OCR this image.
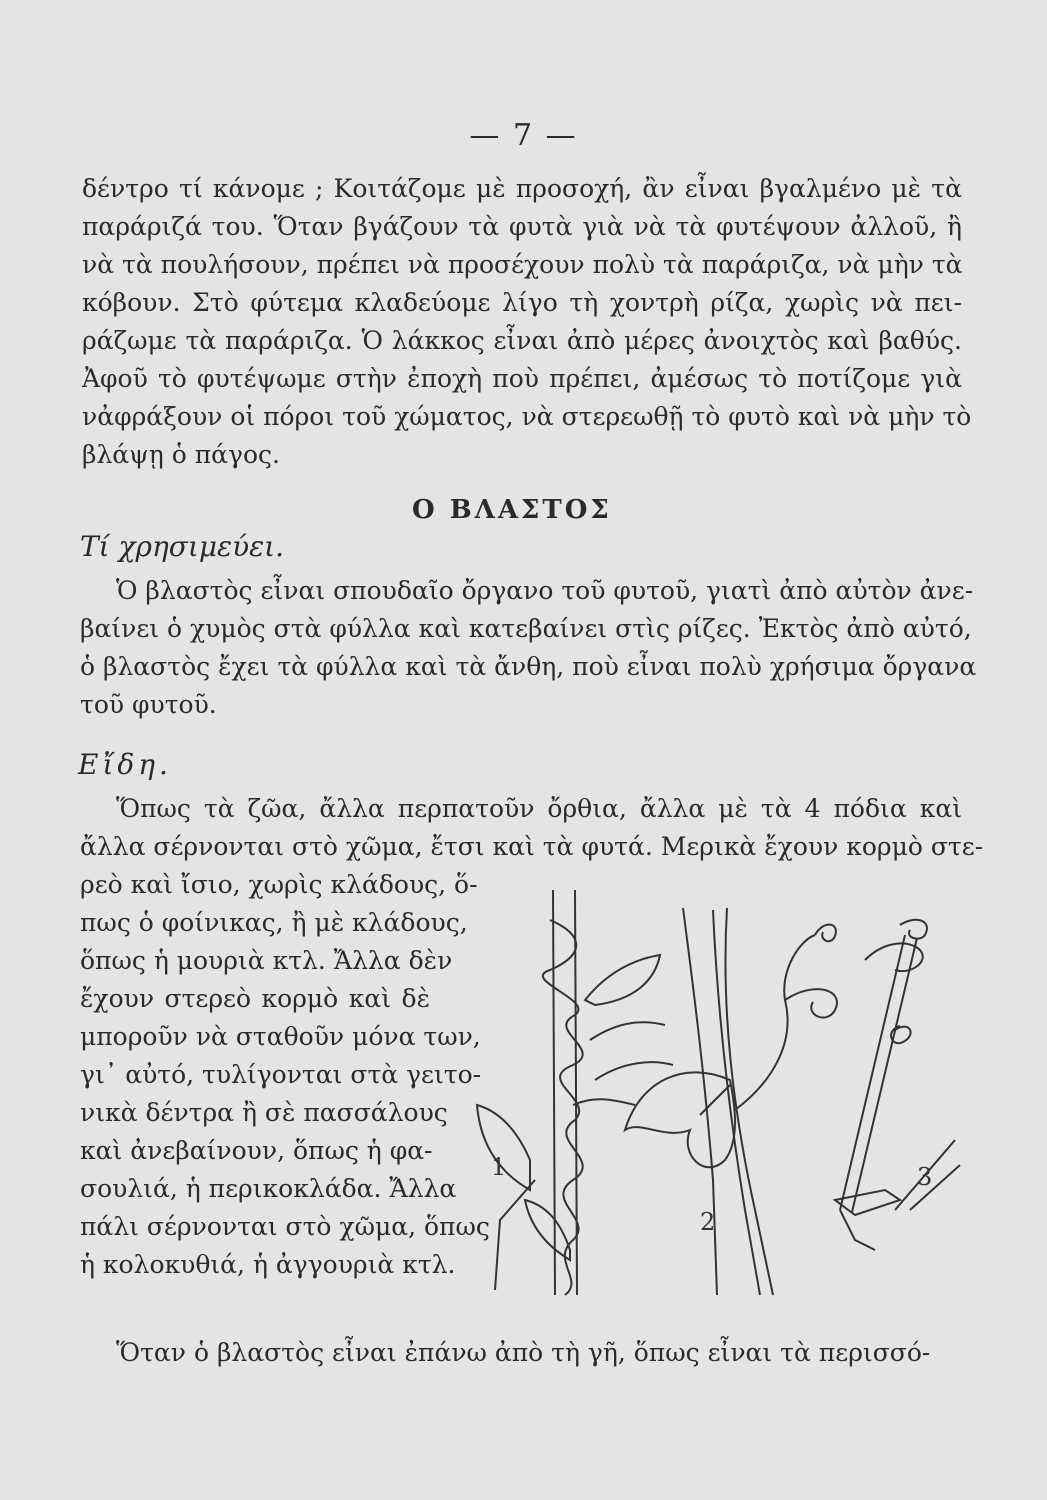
— 7 —
δέντρο τί κάνομε ; Κοιτάζομε μὲ προσοχή, ἂν εἶναι βγαλμένο μὲ τὰ
παράριζά του. Ὅταν βγάζουν τὰ φυτὰ γιὰ νὰ τὰ φυτέψουν ἀλλοῦ, ἢ
νὰ τὰ πουλήσουν, πρέπει νὰ προσέχουν πολὺ τὰ παράριζα, νὰ μὴν τὰ
κόβουν. Στὸ φύτεμα κλαδεύομε λίγο τὴ χοντρὴ ρίζα, χωρὶς νὰ πει-
ράζωμε τὰ παράριζα. Ὁ λάκκος εἶναι ἀπὸ μέρες ἀνοιχτὸς καὶ βαθύς.
Ἀφοῦ τὸ φυτέψωμε στὴν ἐποχὴ ποὺ πρέπει, ἀμέσως τὸ ποτίζομε γιὰ
νἀφράξουν οἱ πόροι τοῦ χώματος, νὰ στερεωθῇ τὸ φυτὸ καὶ νὰ μὴν τὸ
βλάψῃ ὁ πάγος.
Ο ΒΛΑΣΤΟΣ
Τί χρησιμεύει.
Ὁ βλαστὸς εἶναι σπουδαῖο ὄργανο τοῦ φυτοῦ, γιατὶ ἀπὸ αὐτὸν ἀνε-
βαίνει ὁ χυμὸς στὰ φύλλα καὶ κατεβαίνει στὶς ρίζες. Ἐκτὸς ἀπὸ αὐτό,
ὁ βλαστὸς ἔχει τὰ φύλλα καὶ τὰ ἄνθη, ποὺ εἶναι πολὺ χρήσιμα ὄργανα
τοῦ φυτοῦ.
Εἴδη.
Ὅπως τὰ ζῶα, ἄλλα περπατοῦν ὄρθια, ἄλλα μὲ τὰ 4 πόδια καὶ
ἄλλα σέρνονται στὸ χῶμα, ἔτσι καὶ τὰ φυτά. Μερικὰ ἔχουν κορμὸ στε-
ρεὸ καὶ ἴσιο, χωρὶς κλάδους, ὅ-
πως ὁ φοίνικας, ἢ μὲ κλάδους,
ὅπως ἡ μουριὰ κτλ. Ἄλλα δὲν
ἔχουν στερεὸ κορμὸ καὶ δὲ
μποροῦν νὰ σταθοῦν μόνα των,
γι᾿ αὐτό, τυλίγονται στὰ γειτο-
νικὰ δέντρα ἢ σὲ πασσάλους
καὶ ἀνεβαίνουν, ὅπως ἡ φα-
σουλιά, ἡ περικοκλάδα. Ἄλλα
πάλι σέρνονται στὸ χῶμα, ὅπως
ἡ κολοκυθιά, ἡ ἀγγουριὰ κτλ.
1
2
3
Ὅταν ὁ βλαστὸς εἶναι ἐπάνω ἀπὸ τὴ γῆ, ὅπως εἶναι τὰ περισσό-
